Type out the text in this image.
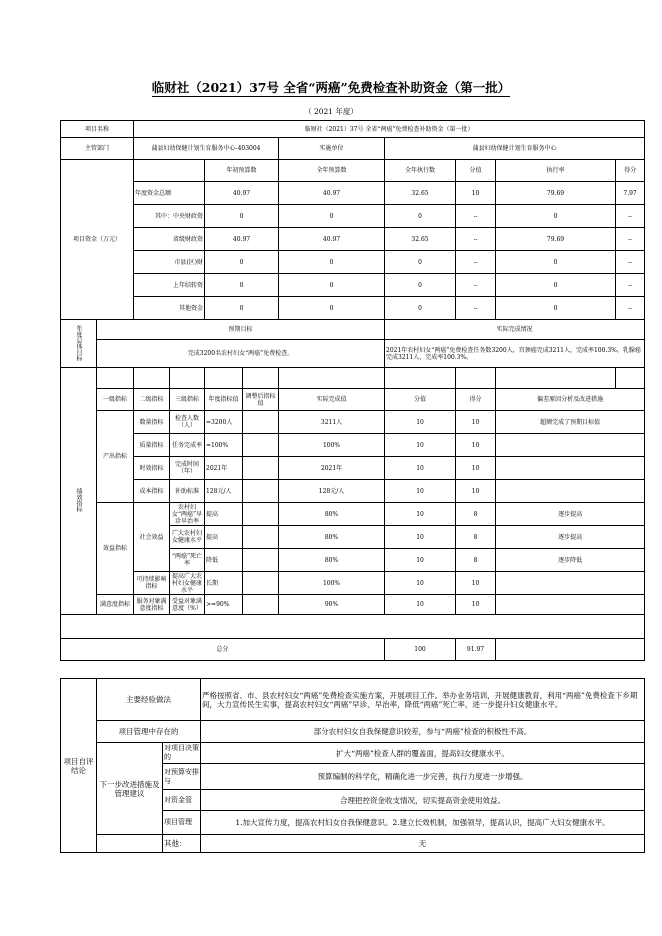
临财社（2021）37号 全省“两癌”免费检查补助资金（第一批）
（ 2021 年度）
项目名称		临财社（2021）37号 全省“两癌”免费检查补助资金（第一批）								
主管部门		蒲县妇幼保健计划生育服务中心-403004				实施单位	蒲县妇幼保健计划生育服务中心			
项目资金（万元）				年初预算数		全年预算数	全年执行数	分值	执行率	得分
		年度资金总额		40.97		40.97	32.65	10	79.69	7.97
		其中：中央财政资		0		0	0	--	0	--
		省级财政资		40.97		40.97	32.65	--	79.69	--
		市县(区)财		0		0	0	--	0	--
		上年结转资		0		0	0	--	0	--
		其他资金		0		0	0	--	0	--
年度总体目标	预期目标						实际完成情况			
	完成3200名农村妇女“两癌”免费检查。						2021年农村妇女“两癌”免费检查任务数3200人，宫颈癌完成3211人，完成率100.3%，乳腺癌完成3211人，完成率100.3%。			

绩效指标	一级指标	二级指标	三级指标	年度指标值	调整后指标值	实际完成值	分值	得分	偏差原因分析及改进措施	
	产出指标	数量指标	检查人数（人）	=3200人		3211人	10	10	超额完成了预期目标值	
		质量指标	任务完成率	=100%		100%	10	10		
		时效指标	完成时间（年）	2021年		2021年	10	10		
		成本指标	补助标准	128元/人		128元/人	10	10		
	效益指标	社会效益	农村妇女“两癌”早诊早治率	提高		80%	10	8	逐步提高	
			广大农村妇女健康水平	提高		80%	10	8	逐步提高	
			“两癌”死亡率	降低		80%	10	8	逐步降低	
		可持续影响指标	提高广大农村妇女健康水平	长期		100%	10	10		
	满意度指标	服务对象满意度指标	受益对象满意度（%）	>=90%		90%	10	10		

总分							100	91.97		
项目自评结论	主要经验做法		严格按照省、市、县农村妇女“两癌”免费检查实施方案，开展项目工作。举办业务培训，开展健康教育，利用“两癌”免费检查下乡期间，大力宣传民生实事，提高农村妇女“两癌”早诊、早治率，降低“两癌”死亡率，进一步提升妇女健康水平。
	项目管理中存在的		部分农村妇女自我保健意识较差，参与“两癌”检查的积极性不高。
	下一步改进措施及管理建议	对项目决策的	扩大“两癌”检查人群的覆盖面，提高妇女健康水平。
		对预算安排与	预算编制的科学化，精确化进一步完善，执行力度进一步增强。
		对资金管	合理把控资金收支情况，切实提高资金使用效益。
		项目管理	1.加大宣传力度，提高农村妇女自我保健意识。2.建立长效机制，加强领导，提高认识，提高广大妇女健康水平。
		其他：	无
